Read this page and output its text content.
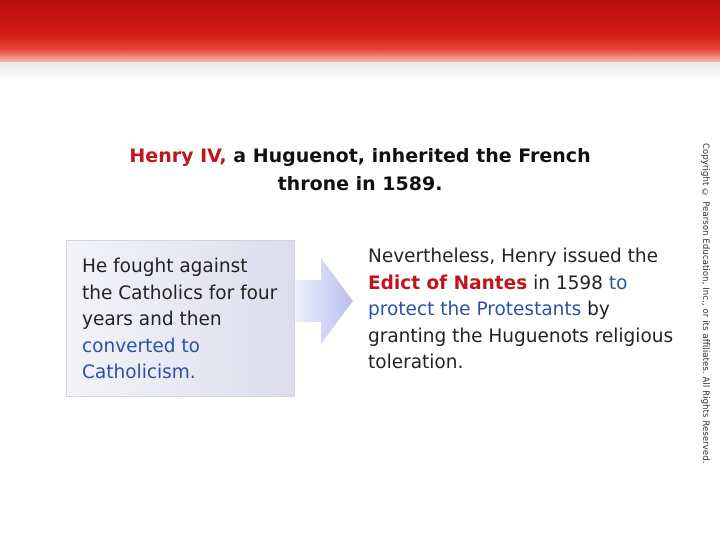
Henry IV, a Huguenot, inherited the French
throne in 1589.
He fought against the Catholics for four years and then converted to Catholicism.
Nevertheless, Henry issued the Edict of Nantes in 1598 to protect the Protestants by granting the Huguenots religious toleration.	Copyright © Pearson Education, Inc., or its affiliates. All Rights Reserved.
